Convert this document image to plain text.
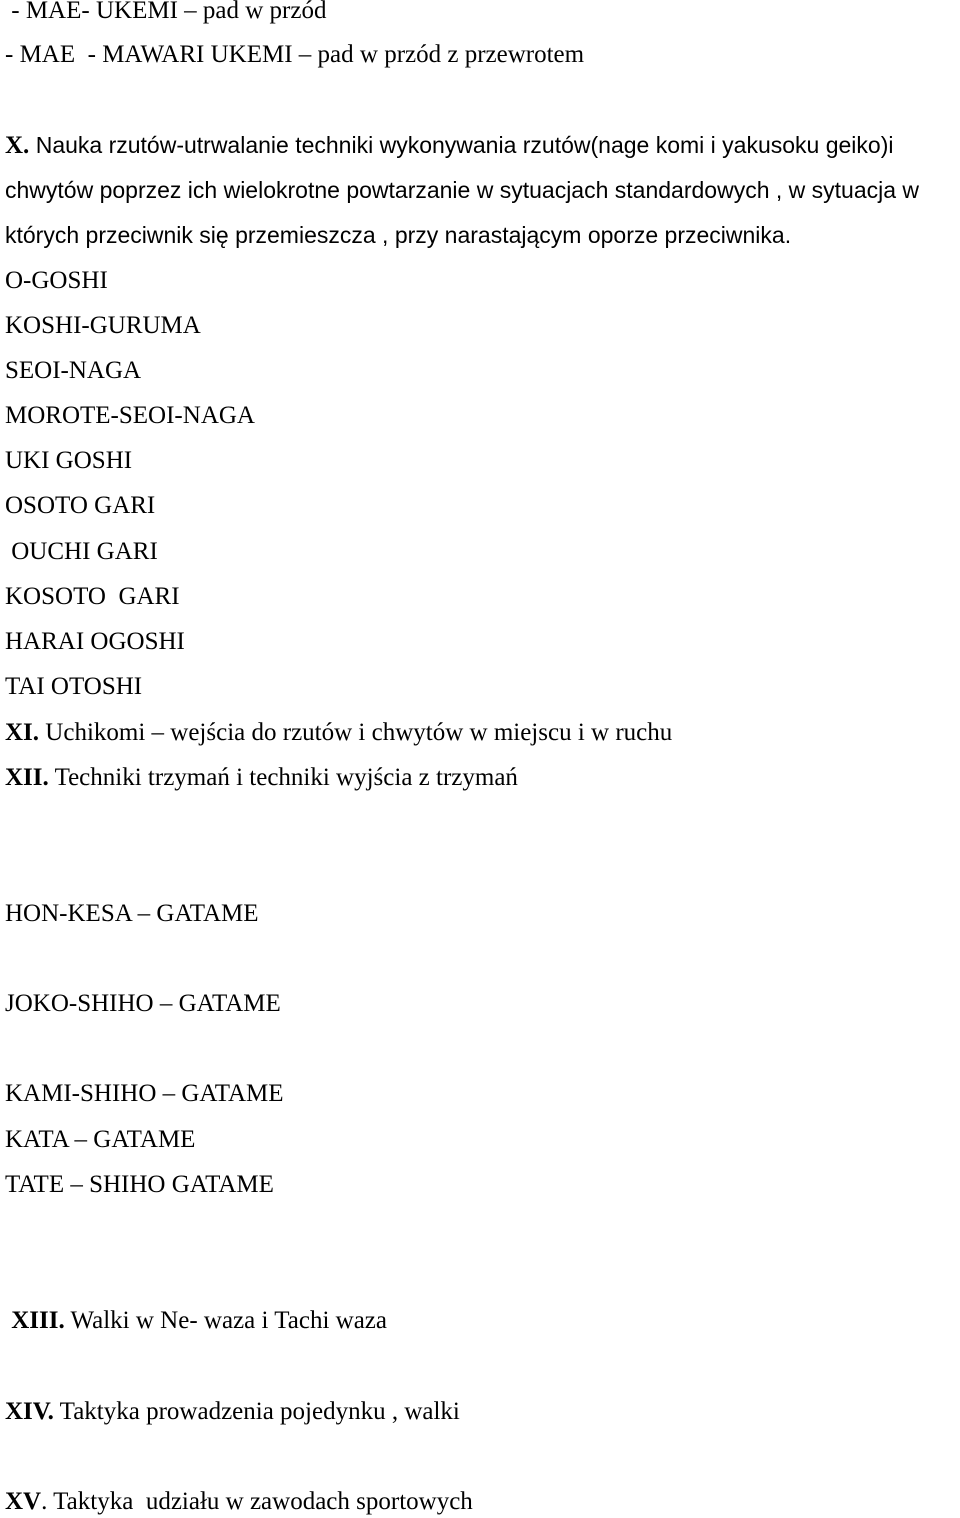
- MAE- UKEMI – pad w przód
- MAE  - MAWARI UKEMI – pad w przód z przewrotem
X. Nauka rzutów-utrwalanie techniki wykonywania rzutów(nage komi i yakusoku geiko)i
chwytów poprzez ich wielokrotne powtarzanie w sytuacjach standardowych , w sytuacja w
których przeciwnik się przemieszcza , przy narastającym oporze przeciwnika.
O-GOSHI
KOSHI-GURUMA
SEOI-NAGA
MOROTE-SEOI-NAGA
UKI GOSHI
OSOTO GARI
OUCHI GARI
KOSOTO  GARI
HARAI OGOSHI
TAI OTOSHI
XI. Uchikomi – wejścia do rzutów i chwytów w miejscu i w ruchu
XII. Techniki trzymań i techniki wyjścia z trzymań
HON-KESA – GATAME
JOKO-SHIHO – GATAME
KAMI-SHIHO – GATAME
KATA – GATAME
TATE – SHIHO GATAME
XIII. Walki w Ne- waza i Tachi waza
XIV. Taktyka prowadzenia pojedynku , walki
XV. Taktyka  udziału w zawodach sportowych
